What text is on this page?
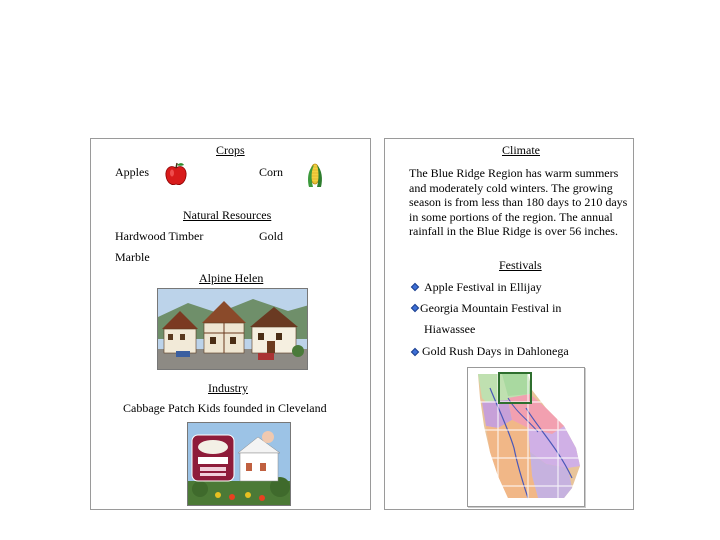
Crops
Apples	Corn
Natural Resources
Hardwood Timber	Gold
Marble
Alpine Helen
Industry
Cabbage Patch Kids founded in Cleveland
Climate
The Blue Ridge Region has warm summers and moderately cold winters. The growing season is from less than 180 days to 210 days in some portions of the region. The annual rainfall in the Blue Ridge is over 56 inches.
Festivals
Apple Festival in Ellijay
Georgia Mountain Festival in
Hiawassee
Gold Rush Days in Dahlonega
